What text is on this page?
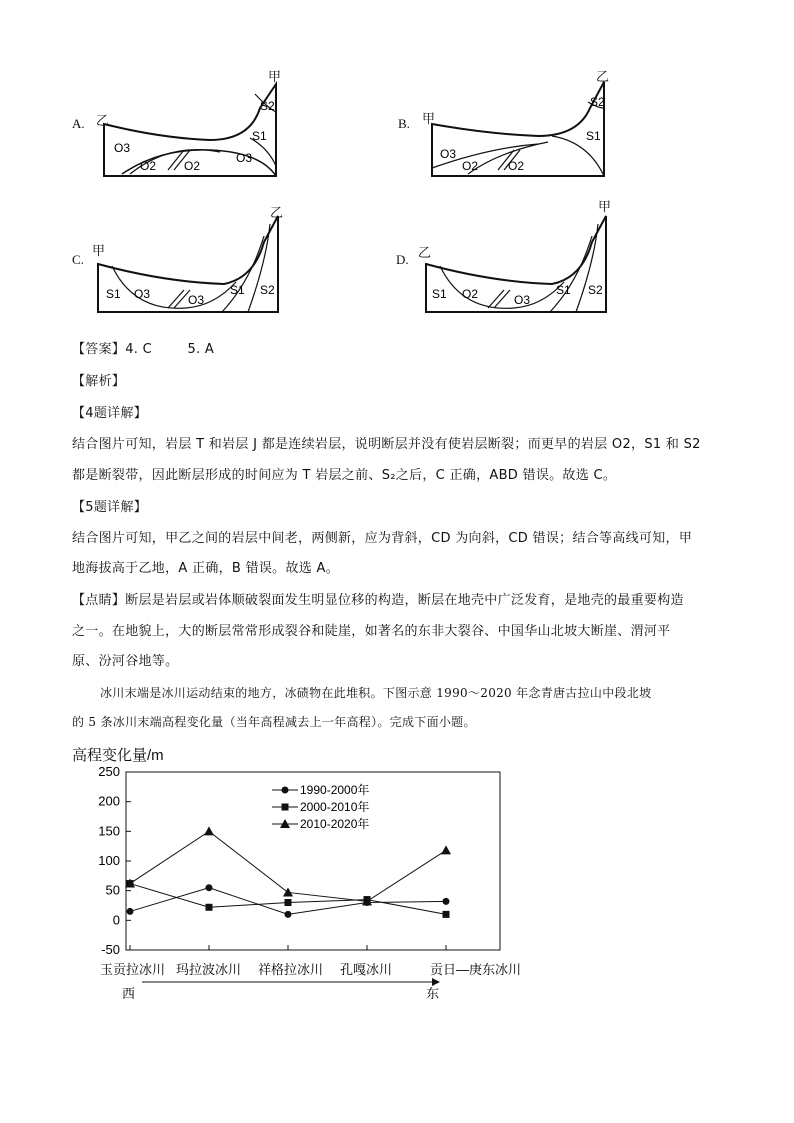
A. 乙
甲
O3
O2 O2
O3
S1
S2
B. 甲
乙
O3
O2 O2
S1
S2
C.
甲
乙
S1 O3	O3
S1 S2
D. 乙
甲
S1 O2	O3
S1 S2
【答案】4. C        5. A
【解析】
【4题详解】
结合图片可知，岩层 T 和岩层 J 都是连续岩层，说明断层并没有使岩层断裂；而更早的岩层 O2，S1 和 S2
都是断裂带，因此断层形成的时间应为 T 岩层之前、S₂之后，C 正确，ABD 错误。故选 C。
【5题详解】
结合图片可知，甲乙之间的岩层中间老，两侧新，应为背斜，CD 为向斜，CD 错误；结合等高线可知，甲
地海拔高于乙地，A 正确，B 错误。故选 A。
【点睛】断层是岩层或岩体顺破裂面发生明显位移的构造，断层在地壳中广泛发育，是地壳的最重要构造
之一。在地貌上，大的断层常常形成裂谷和陡崖，如著名的东非大裂谷、中国华山北坡大断崖、渭河平
原、汾河谷地等。
冰川末端是冰川运动结束的地方，冰碛物在此堆积。下图示意 1990～2020 年念青唐古拉山中段北坡
的 5 条冰川末端高程变化量（当年高程减去上一年高程）。完成下面小题。
高程变化量/m
-50
0
50
100
150
200
250
玉贡拉冰川 玛拉波冰川 祥格拉冰川 孔嘎冰川	贡日—庚东冰川
西	东
1990-2000年
2000-2010年
2010-2020年
